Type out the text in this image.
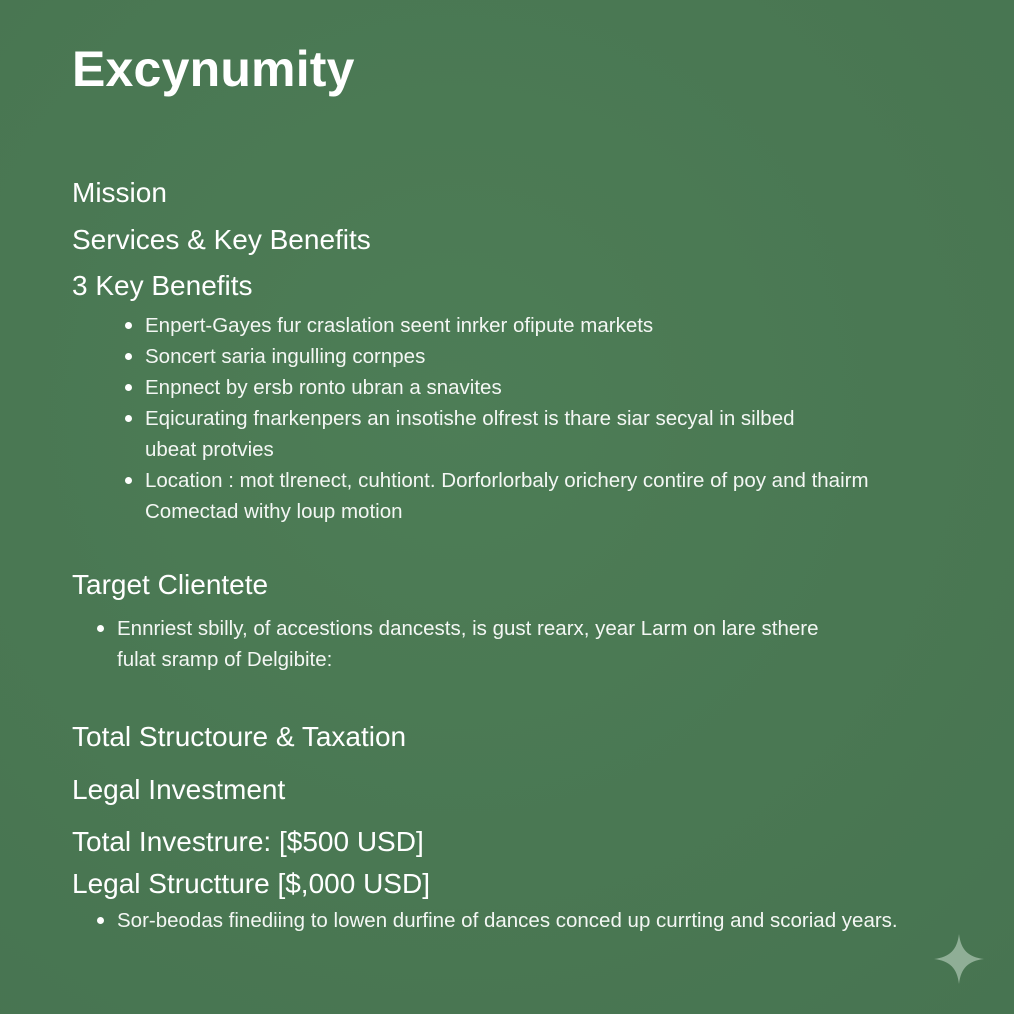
Excynumity
Mission
Services & Key Benefits
3 Key Benefits
Enpert-Gayes fur craslation seent inrker ofipute markets
Soncert saria ingulling cornpes
Enpnect by ersb ronto ubran a snavites
Eqicurating fnarkenpers an insotishe olfrest is thare siar secyal in silbed
ubeat protvies
Location : mot tlrenect, cuhtiont. Dorforlorbaly orichery contire of poy and thairm
Comectad withy loup motion
Target Clientete
Ennriest sbilly, of accestions dancests, is gust rearx, year Larm on lare sthere
fulat sramp of Delgibite:
Total Structoure & Taxation
Legal Investment
Total Investrure: [$500 USD]
Legal Structture [$,000 USD]
Sor-beodas finediing to lowen durfine of dances conced up currting and scoriad years.
